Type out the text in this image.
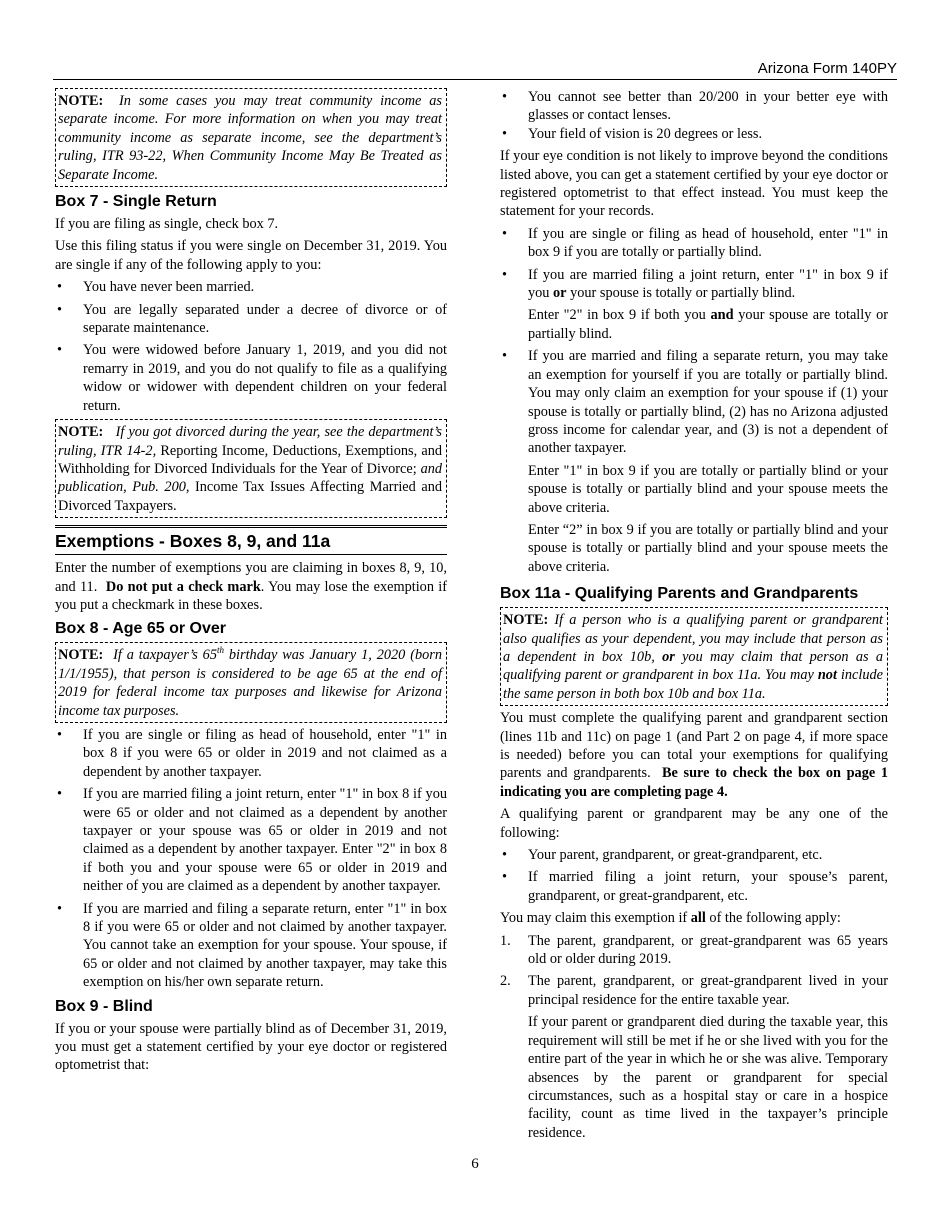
Arizona Form 140PY
NOTE: In some cases you may treat community income as separate income. For more information on when you may treat community income as separate income, see the department’s ruling, ITR 93-22, When Community Income May Be Treated as Separate Income.
Box 7 - Single Return

If you are filing as single, check box 7.

Use this filing status if you were single on December 31, 2019. You are single if any of the following apply to you:

• You have never been married.
• You are legally separated under a decree of divorce or of separate maintenance.
• You were widowed before January 1, 2019, and you did not remarry in 2019, and you do not qualify to file as a qualifying widow or widower with dependent children on your federal return.
NOTE: If you got divorced during the year, see the department’s ruling, ITR 14-2, Reporting Income, Deductions, Exemptions, and Withholding for Divorced Individuals for the Year of Divorce; and publication, Pub. 200, Income Tax Issues Affecting Married and Divorced Taxpayers.
Exemptions - Boxes 8, 9, and 11a

Enter the number of exemptions you are claiming in boxes 8, 9, 10, and 11. Do not put a check mark. You may lose the exemption if you put a checkmark in these boxes.

Box 8 - Age 65 or Over
NOTE: If a taxpayer’s 65th birthday was January 1, 2020 (born 1/1/1955), that person is considered to be age 65 at the end of 2019 for federal income tax purposes and likewise for Arizona income tax purposes.
• If you are single or filing as head of household, enter "1" in box 8 if you were 65 or older in 2019 and not claimed as a dependent by another taxpayer.
• If you are married filing a joint return, enter "1" in box 8 if you were 65 or older and not claimed as a dependent by another taxpayer or your spouse was 65 or older in 2019 and not claimed as a dependent by another taxpayer. Enter "2" in box 8 if both you and your spouse were 65 or older in 2019 and neither of you are claimed as a dependent by another taxpayer.
• If you are married and filing a separate return, enter "1" in box 8 if you were 65 or older and not claimed by another taxpayer. You cannot take an exemption for your spouse. Your spouse, if 65 or older and not claimed by another taxpayer, may take this exemption on his/her own separate return.
Box 9 - Blind

If you or your spouse were partially blind as of December 31, 2019, you must get a statement certified by your eye doctor or registered optometrist that:

• You cannot see better than 20/200 in your better eye with glasses or contact lenses.
• Your field of vision is 20 degrees or less.

If your eye condition is not likely to improve beyond the conditions listed above, you can get a statement certified by your eye doctor or registered optometrist to that effect instead. You must keep the statement for your records.

• If you are single or filing as head of household, enter "1" in box 9 if you are totally or partially blind.
• If you are married filing a joint return, enter "1" in box 9 if you or your spouse is totally or partially blind.
Enter "2" in box 9 if both you and your spouse are totally or partially blind.
• If you are married and filing a separate return, you may take an exemption for yourself if you are totally or partially blind. You may only claim an exemption for your spouse if (1) your spouse is totally or partially blind, (2) has no Arizona adjusted gross income for calendar year, and (3) is not a dependent of another taxpayer.
Enter "1" in box 9 if you are totally or partially blind or your spouse is totally or partially blind and your spouse meets the above criteria.
Enter “2” in box 9 if you are totally or partially blind and your spouse is totally or partially blind and your spouse meets the above criteria.
Box 11a - Qualifying Parents and Grandparents
NOTE: If a person who is a qualifying parent or grandparent also qualifies as your dependent, you may include that person as a dependent in box 10b, or you may claim that person as a qualifying parent or grandparent in box 11a. You may not include the same person in both box 10b and box 11a.

You must complete the qualifying parent and grandparent section (lines 11b and 11c) on page 1 (and Part 2 on page 4, if more space is needed) before you can total your exemptions for qualifying parents and grandparents. Be sure to check the box on page 1 indicating you are completing page 4.

A qualifying parent or grandparent may be any one of the following:

• Your parent, grandparent, or great-grandparent, etc.
• If married filing a joint return, your spouse’s parent, grandparent, or great-grandparent, etc.

You may claim this exemption if all of the following apply:

1. The parent, grandparent, or great-grandparent was 65 years old or older during 2019.
2. The parent, grandparent, or great-grandparent lived in your principal residence for the entire taxable year.
If your parent or grandparent died during the taxable year, this requirement will still be met if he or she lived with you for the entire part of the year in which he or she was alive. Temporary absences by the parent or grandparent for special circumstances, such as a hospital stay or care in a hospice facility, count as time lived in the taxpayer’s principle residence.
6
